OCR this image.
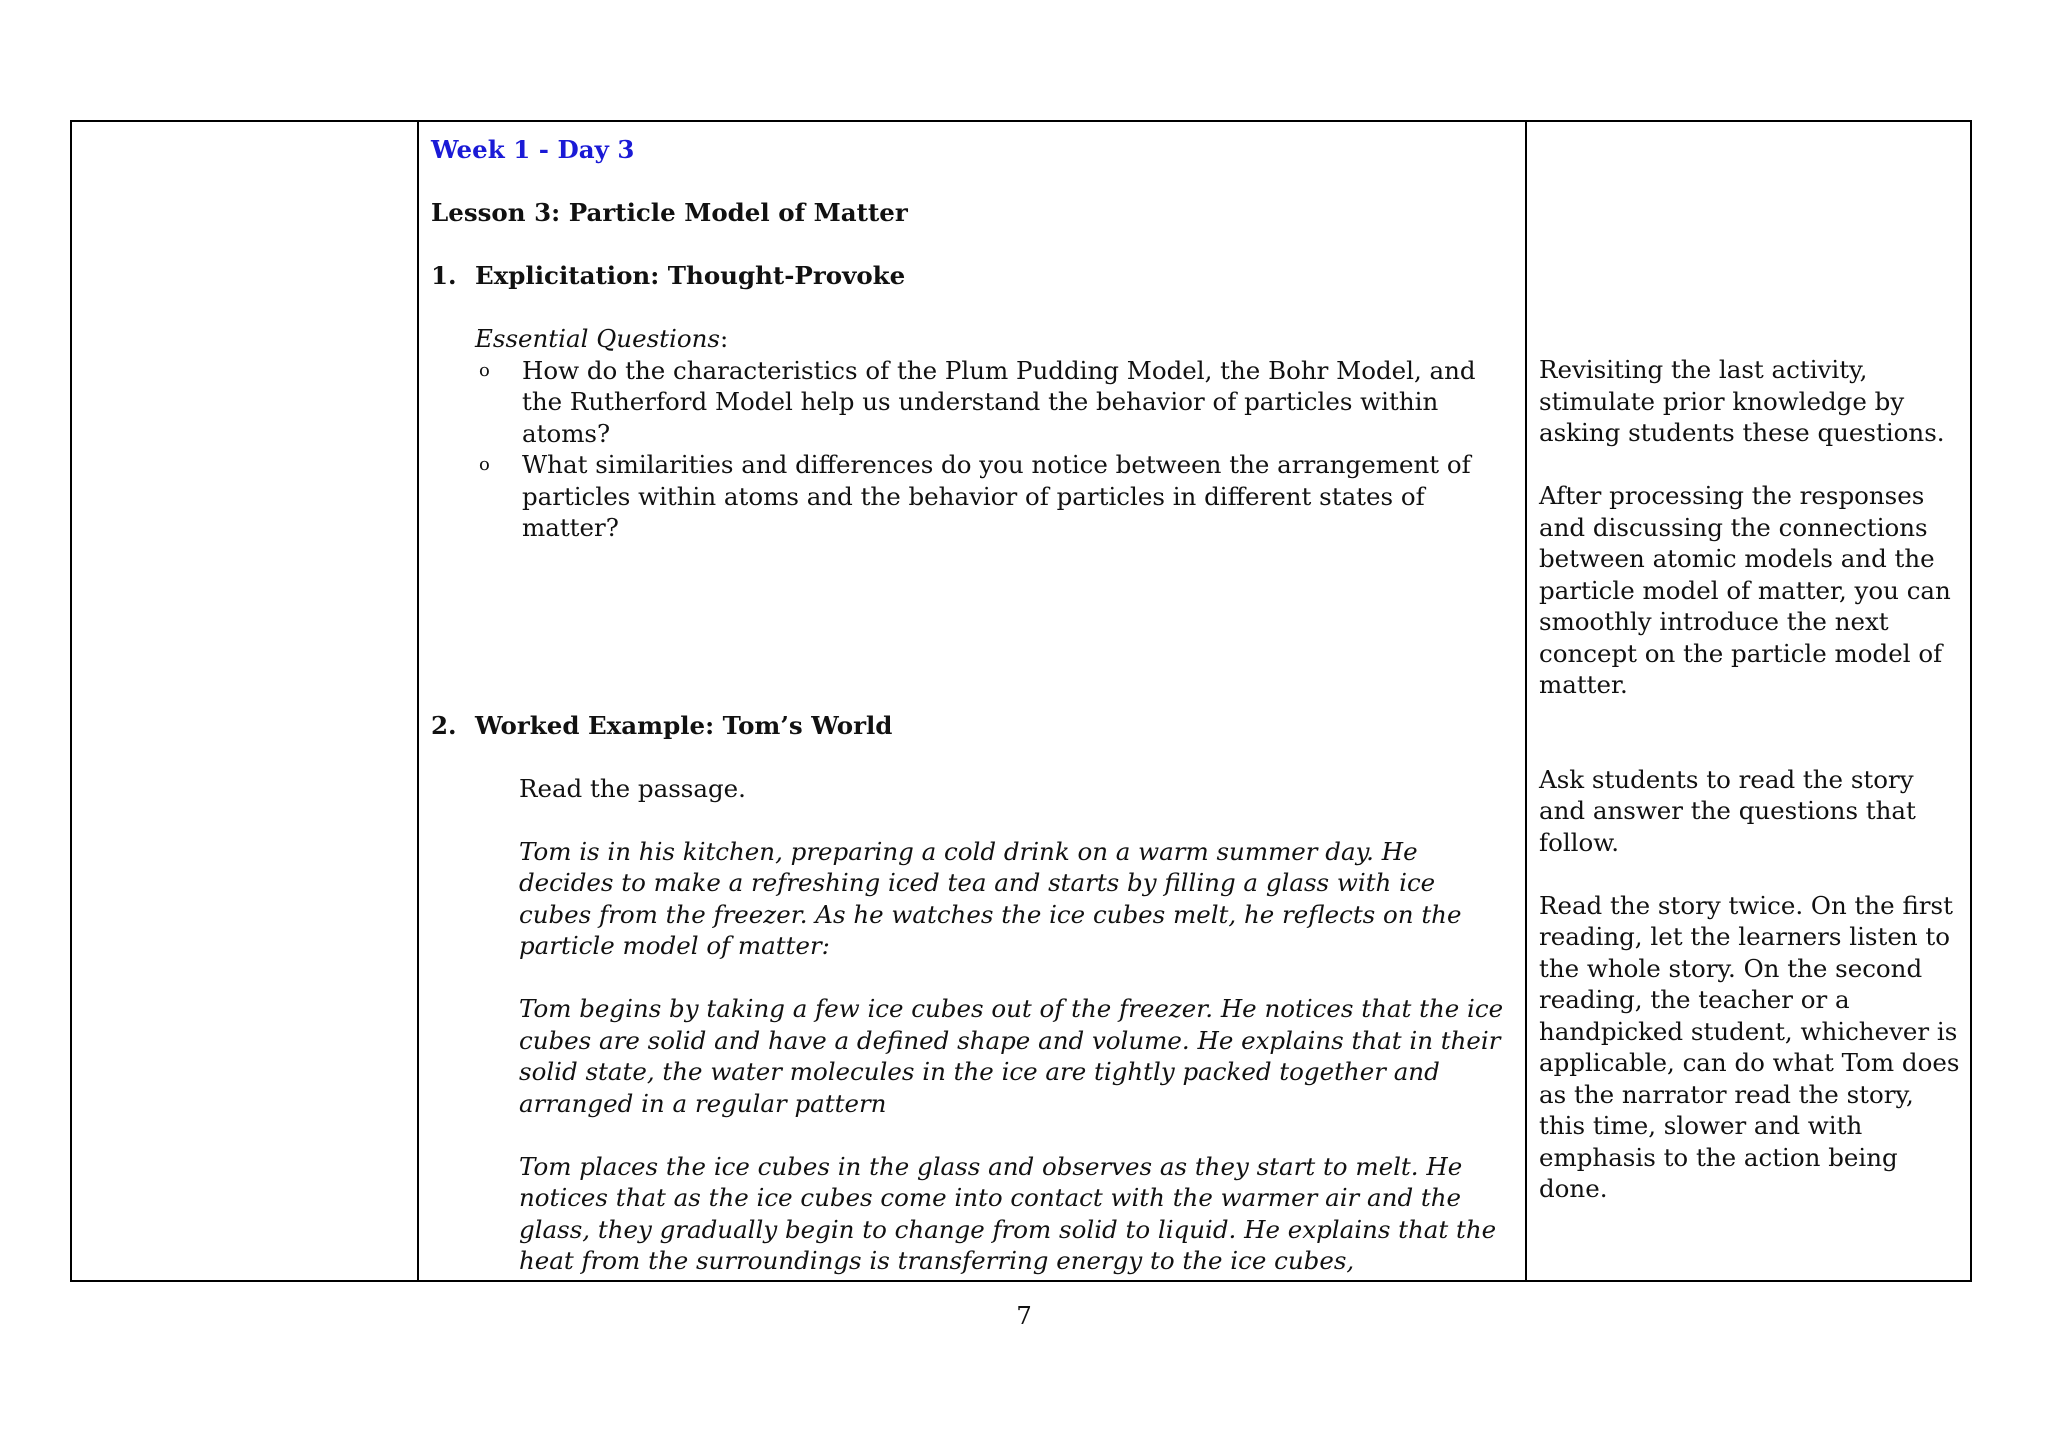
Week 1 - Day 3

Lesson 3: Particle Model of Matter

1. Explicitation: Thought-Provoke

Essential Questions:

o	How do the characteristics of the Plum Pudding Model, the Bohr Model, and the Rutherford Model help us understand the behavior of particles within atoms?
o	What similarities and differences do you notice between the arrangement of particles within atoms and the behavior of particles in different states of matter?
2. Worked Example: Tom’s World

Read the passage.

Tom is in his kitchen, preparing a cold drink on a warm summer day. He decides to make a refreshing iced tea and starts by filling a glass with ice cubes from the freezer. As he watches the ice cubes melt, he reflects on the particle model of matter:

Tom begins by taking a few ice cubes out of the freezer. He notices that the ice cubes are solid and have a defined shape and volume. He explains that in their solid state, the water molecules in the ice are tightly packed together and arranged in a regular pattern

Tom places the ice cubes in the glass and observes as they start to melt. He notices that as the ice cubes come into contact with the warmer air and the glass, they gradually begin to change from solid to liquid. He explains that the heat from the surroundings is transferring energy to the ice cubes,

Revisiting the last activity, stimulate prior knowledge by asking students these questions.

After processing the responses and discussing the connections between atomic models and the particle model of matter, you can smoothly introduce the next concept on the particle model of matter.

Ask students to read the story and answer the questions that follow.

Read the story twice. On the first reading, let the learners listen to the whole story. On the second reading, the teacher or a handpicked student, whichever is applicable, can do what Tom does as the narrator read the story, this time, slower and with emphasis to the action being done.

7
